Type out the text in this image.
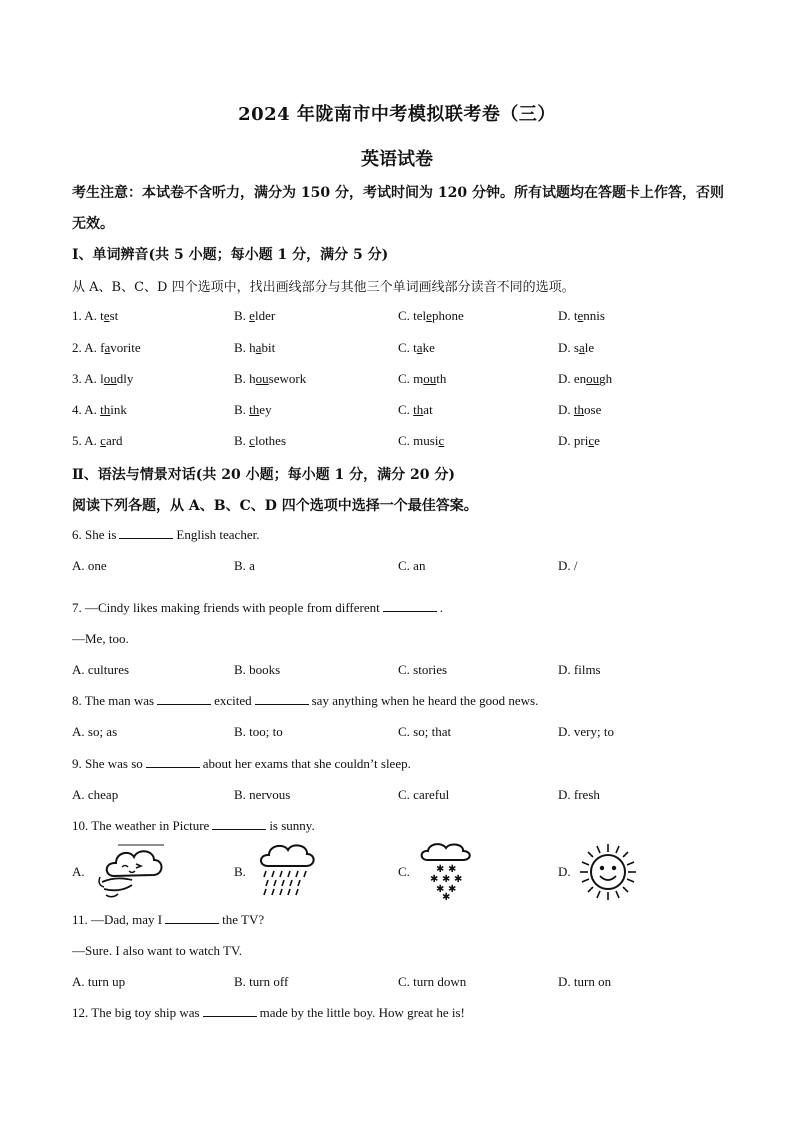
2024 年陇南市中考模拟联考卷（三）
英语试卷
考生注意：本试卷不含听力，满分为 150 分，考试时间为 120 分钟。所有试题均在答题卡上作答，否则无效。
Ⅰ、单词辨音(共 5 小题；每小题 1 分，满分 5 分)
从 A、B、C、D 四个选项中，找出画线部分与其他三个单词画线部分读音不同的选项。
1. A. test	B. elder	C. telephone	D. tennis
2. A. favorite	B. habit	C. take	D. sale
3. A. loudly	B. housework	C. mouth	D. enough
4. A. think	B. they	C. that	D. those
5. A. card	B. clothes	C. music	D. price
Ⅱ、语法与情景对话(共 20 小题；每小题 1 分，满分 20 分)
阅读下列各题，从 A、B、C、D 四个选项中选择一个最佳答案。
6. She is	English teacher.
A. one	B. a	C. an	D. /
7. —Cindy likes making friends with people from different	.
—Me, too.
A. cultures	B. books	C. stories	D. films
8. The man was	excited	say anything when he heard the good news.
A. so; as	B. too; to	C. so; that	D. very; to
9. She was so	about her exams that she couldn’t sleep.
A. cheap	B. nervous	C. careful	D. fresh
10. The weather in Picture	is sunny.
A.	B.	C.	D.
✱ ✱
✱ ✱ ✱
✱ ✱
✱
11. —Dad, may I	the TV?
—Sure. I also want to watch TV.
A. turn up	B. turn off	C. turn down	D. turn on
12. The big toy ship was	made by the little boy. How great he is!
